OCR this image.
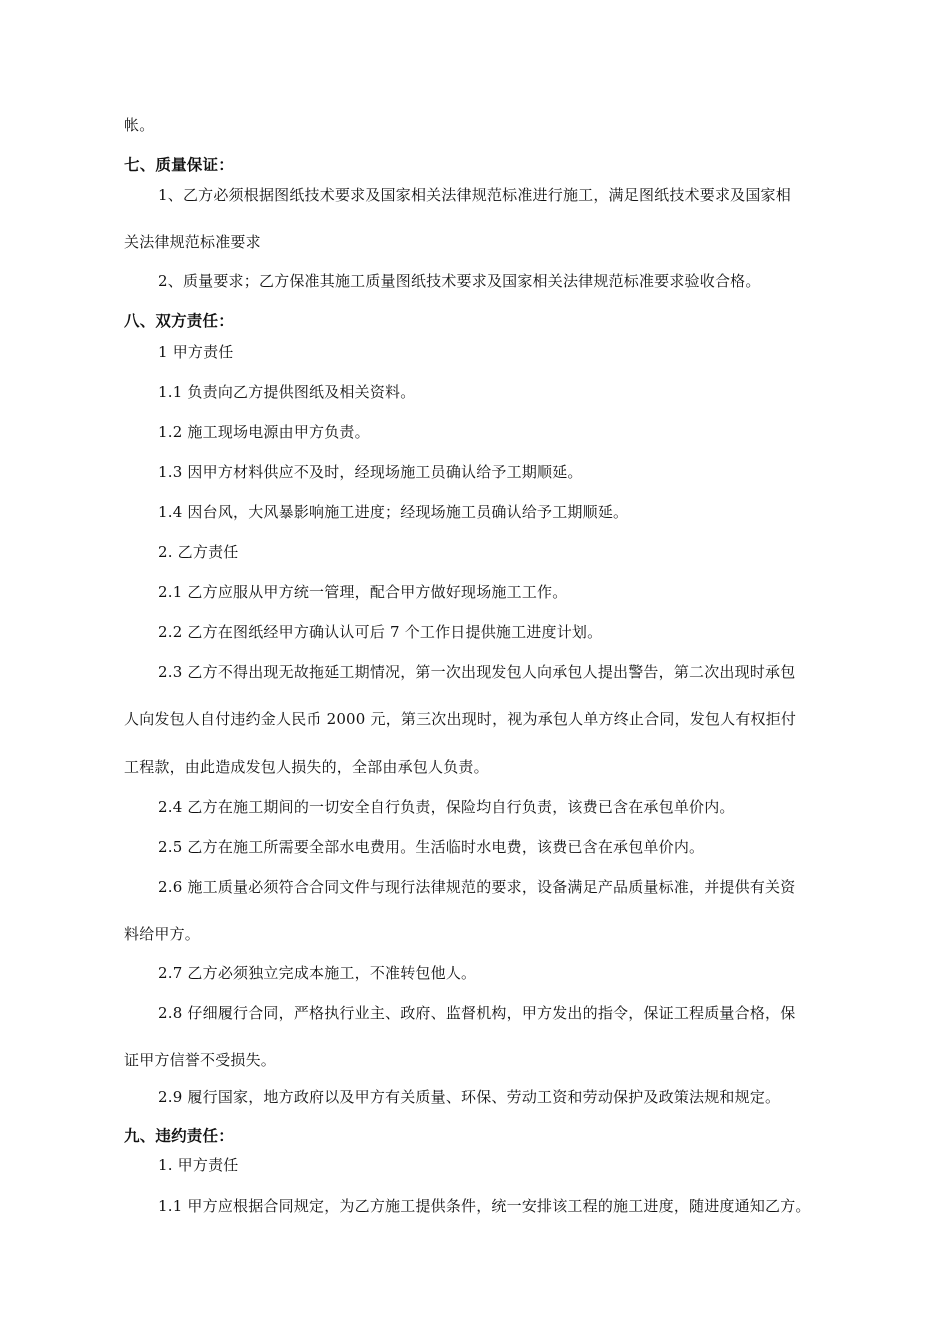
帐。
七、质量保证：
1、乙方必须根据图纸技术要求及国家相关法律规范标准进行施工，满足图纸技术要求及国家相
关法律规范标准要求
2、质量要求；乙方保准其施工质量图纸技术要求及国家相关法律规范标准要求验收合格。
八、双方责任：
1 甲方责任
1.1 负责向乙方提供图纸及相关资料。
1.2 施工现场电源由甲方负责。
1.3 因甲方材料供应不及时，经现场施工员确认给予工期顺延。
1.4 因台风，大风暴影响施工进度；经现场施工员确认给予工期顺延。
2. 乙方责任
2.1 乙方应服从甲方统一管理，配合甲方做好现场施工工作。
2.2 乙方在图纸经甲方确认认可后 7 个工作日提供施工进度计划。
2.3 乙方不得出现无故拖延工期情况，第一次出现发包人向承包人提出警告，第二次出现时承包
人向发包人自付违约金人民币 2000 元，第三次出现时，视为承包人单方终止合同，发包人有权拒付
工程款，由此造成发包人损失的，全部由承包人负责。
2.4 乙方在施工期间的一切安全自行负责，保险均自行负责，该费已含在承包单价内。
2.5 乙方在施工所需要全部水电费用。生活临时水电费，该费已含在承包单价内。
2.6 施工质量必须符合合同文件与现行法律规范的要求，设备满足产品质量标准，并提供有关资
料给甲方。
2.7 乙方必须独立完成本施工，不准转包他人。
2.8 仔细履行合同，严格执行业主、政府、监督机构，甲方发出的指令，保证工程质量合格，保
证甲方信誉不受损失。
2.9 履行国家，地方政府以及甲方有关质量、环保、劳动工资和劳动保护及政策法规和规定。
九、违约责任：
1. 甲方责任
1.1 甲方应根据合同规定，为乙方施工提供条件，统一安排该工程的施工进度，随进度通知乙方。
